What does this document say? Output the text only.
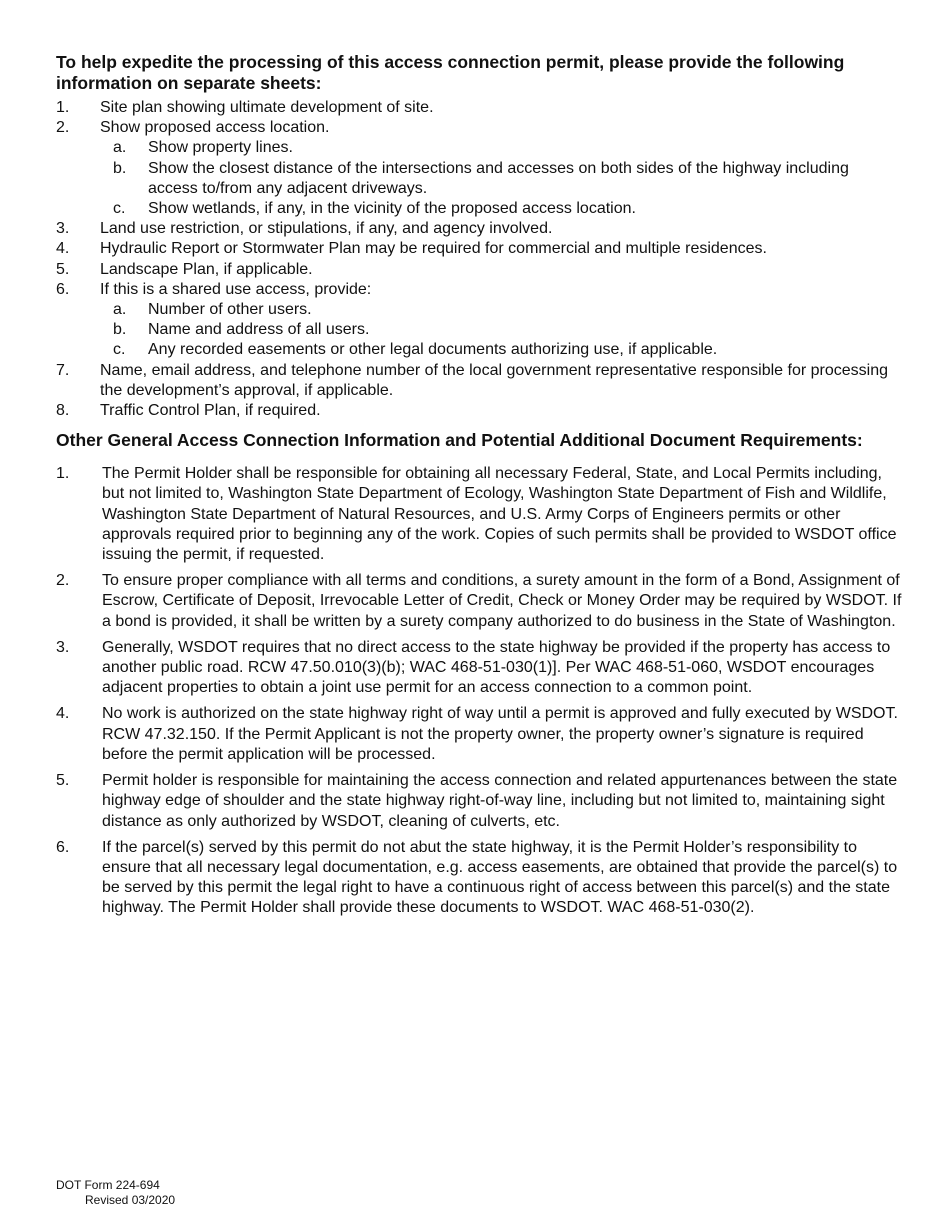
To help expedite the processing of this access connection permit, please provide the following information on separate sheets:
1.	Site plan showing ultimate development of site.
2.	Show proposed access location.
a.	Show property lines.
b.	Show the closest distance of the intersections and accesses on both sides of the highway including access to/from any adjacent driveways.
c.	Show wetlands, if any, in the vicinity of the proposed access location.
3.	Land use restriction, or stipulations, if any, and agency involved.
4.	Hydraulic Report or Stormwater Plan may be required for commercial and multiple residences.
5.	Landscape Plan, if applicable.
6.	If this is a shared use access, provide:
a.	Number of other users.
b.	Name and address of all users.
c.	Any recorded easements or other legal documents authorizing use, if applicable.
7.	Name, email address, and telephone number of the local government representative responsible for processing the development’s approval, if applicable.
8.	Traffic Control Plan, if required.
Other General Access Connection Information and Potential Additional Document Requirements:
1.	The Permit Holder shall be responsible for obtaining all necessary Federal, State, and Local Permits including, but not limited to, Washington State Department of Ecology, Washington State Department of Fish and Wildlife, Washington State Department of Natural Resources, and U.S. Army Corps of Engineers permits or other approvals required prior to beginning any of the work. Copies of such permits shall be provided to WSDOT office issuing the permit, if requested.
2.	To ensure proper compliance with all terms and conditions, a surety amount in the form of a Bond, Assignment of Escrow, Certificate of Deposit, Irrevocable Letter of Credit, Check or Money Order may be required by WSDOT. If a bond is provided, it shall be written by a surety company authorized to do business in the State of Washington.
3.	Generally, WSDOT requires that no direct access to the state highway be provided if the property has access to another public road. RCW 47.50.010(3)(b); WAC 468-51-030(1)]. Per WAC 468-51-060, WSDOT encourages adjacent properties to obtain a joint use permit for an access connection to a common point.
4.	No work is authorized on the state highway right of way until a permit is approved and fully executed by WSDOT. RCW 47.32.150. If the Permit Applicant is not the property owner, the property owner’s signature is required before the permit application will be processed.
5.	Permit holder is responsible for maintaining the access connection and related appurtenances between the state highway edge of shoulder and the state highway right-of-way line, including but not limited to, maintaining sight distance as only authorized by WSDOT, cleaning of culverts, etc.
6.	If the parcel(s) served by this permit do not abut the state highway, it is the Permit Holder’s responsibility to ensure that all necessary legal documentation, e.g. access easements, are obtained that provide the parcel(s) to be served by this permit the legal right to have a continuous right of access between this parcel(s) and the state highway. The Permit Holder shall provide these documents to WSDOT. WAC 468-51-030(2).
DOT Form 224-694
Revised 03/2020
